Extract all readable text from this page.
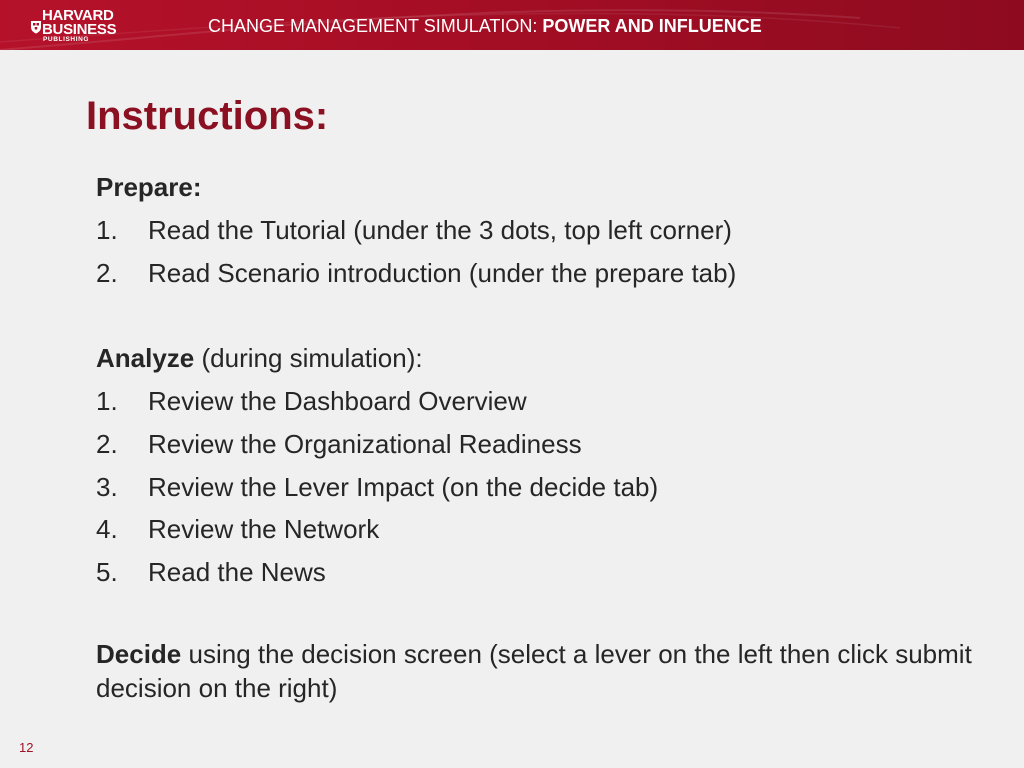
HARVARD
BUSINESS
PUBLISHING
CHANGE MANAGEMENT SIMULATION: POWER AND INFLUENCE
Instructions:
Prepare:
1. Read the Tutorial (under the 3 dots, top left corner)
2. Read Scenario introduction (under the prepare tab)
Analyze (during simulation):
1. Review the Dashboard Overview
2. Review the Organizational Readiness
3. Review the Lever Impact (on the decide tab)
4. Review the Network
5. Read the News
Decide using the decision screen (select a lever on the left then click submit decision on the right)
12
